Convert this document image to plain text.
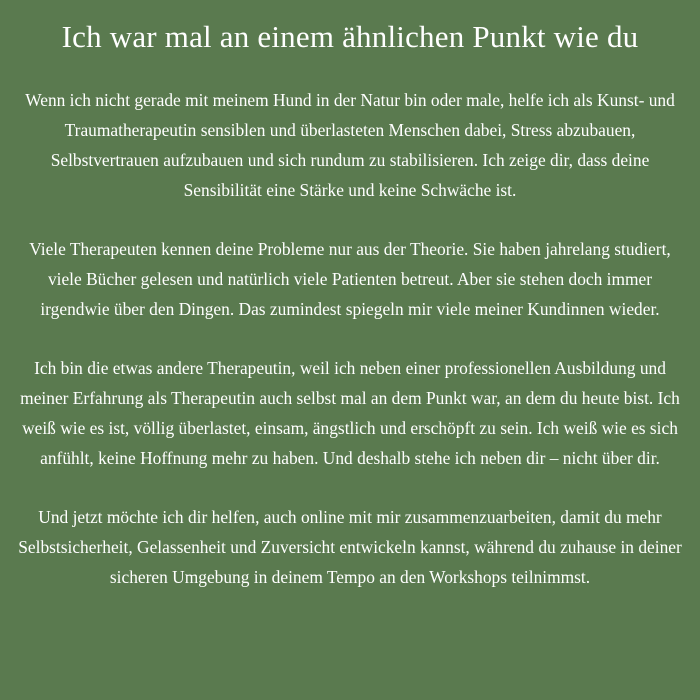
Ich war mal an einem ähnlichen Punkt wie du

Wenn ich nicht gerade mit meinem Hund in der Natur bin oder male, helfe ich als Kunst- und Traumatherapeutin sensiblen und überlasteten Menschen dabei, Stress abzubauen, Selbstvertrauen aufzubauen und sich rundum zu stabilisieren. Ich zeige dir, dass deine Sensibilität eine Stärke und keine Schwäche ist.

Viele Therapeuten kennen deine Probleme nur aus der Theorie. Sie haben jahrelang studiert, viele Bücher gelesen und natürlich viele Patienten betreut. Aber sie stehen doch immer irgendwie über den Dingen. Das zumindest spiegeln mir viele meiner Kundinnen wieder.

Ich bin die etwas andere Therapeutin, weil ich neben einer professionellen Ausbildung und meiner Erfahrung als Therapeutin auch selbst mal an dem Punkt war, an dem du heute bist. Ich weiß wie es ist, völlig überlastet, einsam, ängstlich und erschöpft zu sein. Ich weiß wie es sich anfühlt, keine Hoffnung mehr zu haben. Und deshalb stehe ich neben dir – nicht über dir.

Und jetzt möchte ich dir helfen, auch online mit mir zusammenzuarbeiten, damit du mehr Selbstsicherheit, Gelassenheit und Zuversicht entwickeln kannst, während du zuhause in deiner sicheren Umgebung in deinem Tempo an den Workshops teilnimmst.
